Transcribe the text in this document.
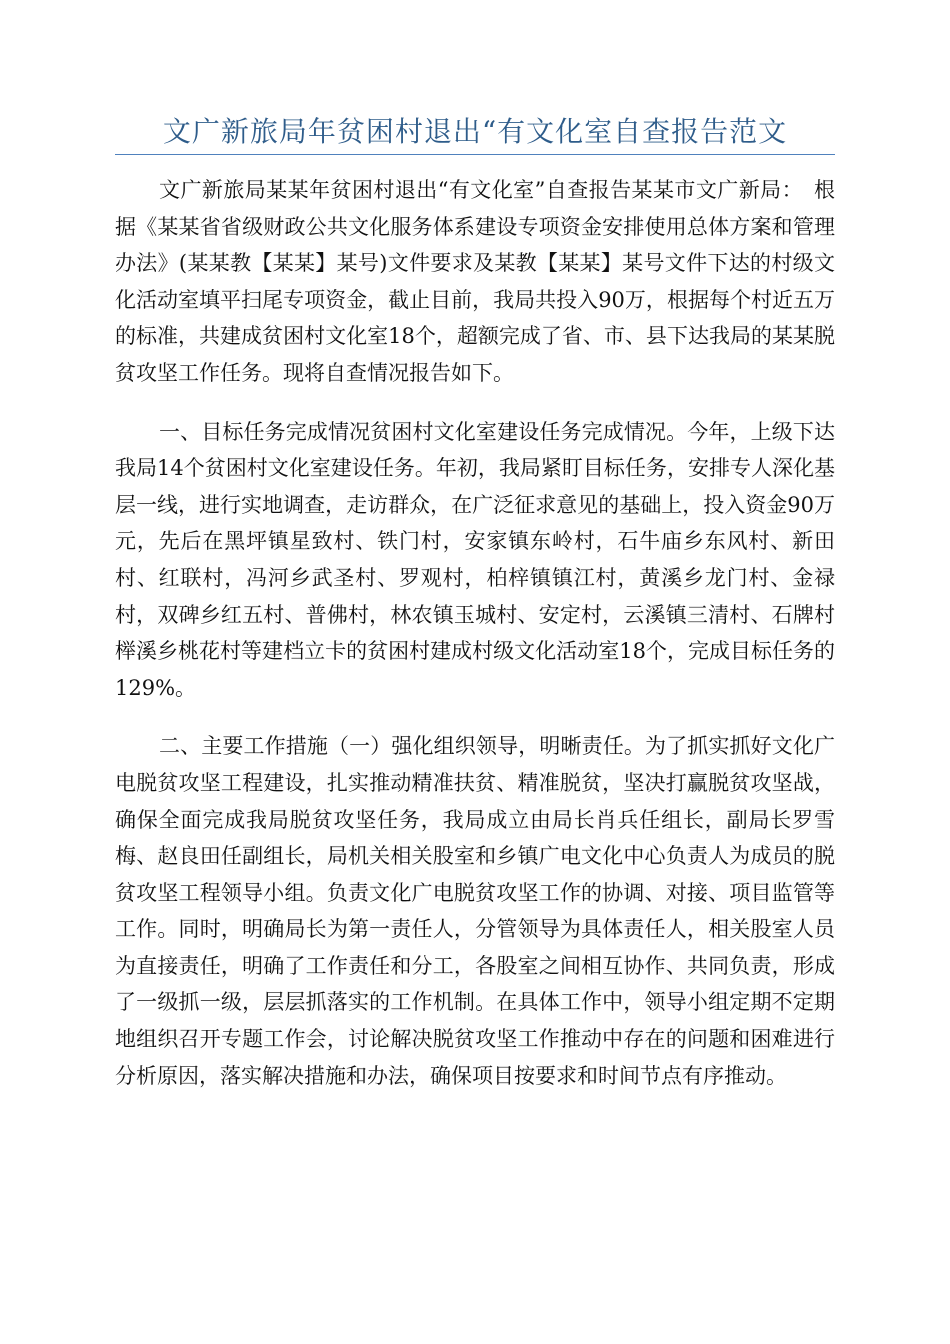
文广新旅局年贫困村退出“有文化室自查报告范文

文广新旅局某某年贫困村退出“有文化室”自查报告某某市文广新局：　根据《某某省省级财政公共文化服务体系建设专项资金安排使用总体方案和管理办法》(某某教【某某】某号)文件要求及某教【某某】某号文件下达的村级文化活动室填平扫尾专项资金，截止目前，我局共投入90万，根据每个村近五万的标准，共建成贫困村文化室18个，超额完成了省、市、县下达我局的某某脱贫攻坚工作任务。现将自查情况报告如下。

一、目标任务完成情况贫困村文化室建设任务完成情况。今年，上级下达我局14个贫困村文化室建设任务。年初，我局紧盯目标任务，安排专人深化基层一线，进行实地调查，走访群众，在广泛征求意见的基础上，投入资金90万元，先后在黑坪镇星致村、铁门村，安家镇东岭村，石牛庙乡东风村、新田村、红联村，冯河乡武圣村、罗观村，柏梓镇镇江村，黄溪乡龙门村、金禄村，双碑乡红五村、普佛村，林农镇玉城村、安定村，云溪镇三清村、石牌村榉溪乡桃花村等建档立卡的贫困村建成村级文化活动室18个，完成目标任务的129%。

二、主要工作措施（一）强化组织领导，明晰责任。为了抓实抓好文化广电脱贫攻坚工程建设，扎实推动精准扶贫、精准脱贫，坚决打赢脱贫攻坚战，确保全面完成我局脱贫攻坚任务，我局成立由局长肖兵任组长，副局长罗雪梅、赵良田任副组长，局机关相关股室和乡镇广电文化中心负责人为成员的脱贫攻坚工程领导小组。负责文化广电脱贫攻坚工作的协调、对接、项目监管等工作。同时，明确局长为第一责任人，分管领导为具体责任人，相关股室人员为直接责任，明确了工作责任和分工，各股室之间相互协作、共同负责，形成了一级抓一级，层层抓落实的工作机制。在具体工作中，领导小组定期不定期地组织召开专题工作会，讨论解决脱贫攻坚工作推动中存在的问题和困难进行分析原因，落实解决措施和办法，确保项目按要求和时间节点有序推动。
